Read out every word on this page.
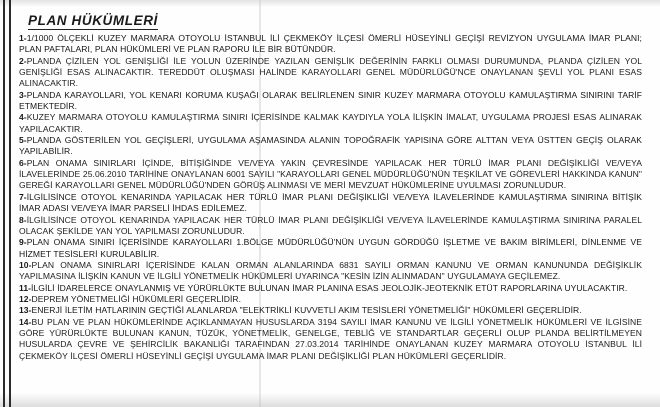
PLAN HÜKÜMLERİ

1-1/1000 ÖLÇEKLİ KUZEY MARMARA OTOYOLU İSTANBUL İLİ ÇEKMEKÖY İLÇESİ ÖMERLİ HÜSEYİNLİ GEÇİŞİ REVİZYON UYGULAMA İMAR PLANI; PLAN PAFTALARI, PLAN HÜKÜMLERİ VE PLAN RAPORU İLE BİR BÜTÜNDÜR.

2-PLANDA ÇİZİLEN YOL GENİŞLİĞİ İLE YOLUN ÜZERİNDE YAZILAN GENİŞLİK DEĞERİNİN FARKLI OLMASI DURUMUNDA, PLANDA ÇİZİLEN YOL GENİŞLİĞİ ESAS ALINACAKTIR. TEREDDÜT OLUŞMASI HALİNDE KARAYOLLARI GENEL MÜDÜRLÜĞÜ'NCE ONAYLANAN ŞEVLİ YOL PLANI ESAS ALINACAKTIR.

3-PLANDA KARAYOLLARI, YOL KENARI KORUMA KUŞAĞI OLARAK BELİRLENEN SINIR KUZEY MARMARA OTOYOLU KAMULAŞTIRMA SINIRINI TARİF ETMEKTEDİR.

4-KUZEY MARMARA OTOYOLU KAMULAŞTIRMA SINIRI İÇERİSİNDE KALMAK KAYDIYLA YOLA İLİŞKİN İMALAT, UYGULAMA PROJESİ ESAS ALINARAK YAPILACAKTIR.

5-PLANDA GÖSTERİLEN YOL GEÇİŞLERİ, UYGULAMA AŞAMASINDA ALANIN TOPOĞRAFİK YAPISINA GÖRE ALTTAN VEYA ÜSTTEN GEÇİŞ OLARAK YAPILABİLİR.

6-PLAN ONAMA SINIRLARI İÇİNDE, BİTİŞİĞİNDE VE/VEYA YAKIN ÇEVRESİNDE YAPILACAK HER TÜRLÜ İMAR PLANI DEĞİŞİKLİĞİ VE/VEYA İLAVELERİNDE 25.06.2010 TARİHİNE ONAYLANAN 6001 SAYILI "KARAYOLLARI GENEL MÜDÜRLÜĞÜ'NÜN TEŞKİLAT VE GÖREVLERİ HAKKINDA KANUN" GEREĞİ KARAYOLLARI GENEL MÜDÜRLÜĞÜ'NDEN GÖRÜŞ ALINMASI VE MERİ MEVZUAT HÜKÜMLERİNE UYULMASI ZORUNLUDUR.

7-İLGİLİSİNCE OTOYOL KENARINDA YAPILACAK HER TÜRLÜ İMAR PLANI DEĞİŞİKLİĞİ VE/VEYA İLAVELERİNDE KAMULAŞTIRMA SINIRINA BİTİŞİK İMAR ADASI VE/VEYA İMAR PARSELİ İHDAS EDİLEMEZ.

8-İLGİLİSİNCE OTOYOL KENARINDA YAPILACAK HER TÜRLÜ İMAR PLANI DEĞİŞİKLİĞİ VE/VEYA İLAVELERİNDE KAMULAŞTIRMA SINIRINA PARALEL OLACAK ŞEKİLDE YAN YOL YAPILMASI ZORUNLUDUR.

9-PLAN ONAMA SINIRI İÇERİSİNDE KARAYOLLARI 1.BÖLGE MÜDÜRLÜĞÜ'NÜN UYGUN GÖRDÜĞÜ İŞLETME VE BAKIM BİRİMLERİ, DİNLENME VE HİZMET TESİSLERİ KURULABİLİR.

10-PLAN ONAMA SINIRLARI İÇERİSİNDE KALAN ORMAN ALANLARINDA 6831 SAYILI ORMAN KANUNU VE ORMAN KANUNUNDA DEĞİŞİKLİK YAPILMASINA İLİŞKİN KANUN VE İLGİLİ YÖNETMELİK HÜKÜMLERİ UYARINCA "KESİN İZİN ALINMADAN" UYGULAMAYA GEÇİLEMEZ.

11-İLGİLİ İDARELERCE ONAYLANMIŞ VE YÜRÜRLÜKTE BULUNAN İMAR PLANINA ESAS JEOLOJİK-JEOTEKNİK ETÜT RAPORLARINA UYULACAKTIR.

12-DEPREM YÖNETMELİĞİ HÜKÜMLERİ GEÇERLİDİR.

13-ENERJİ İLETİM HATLARININ GEÇTİĞİ ALANLARDA "ELEKTRİKLİ KUVVETLİ AKIM TESİSLERİ YÖNETMELİĞİ" HÜKÜMLERİ GEÇERLİDİR.

14-BU PLAN VE PLAN HÜKÜMLERİNDE AÇIKLANMAYAN HUSUSLARDA 3194 SAYILI İMAR KANUNU VE İLGİLİ YÖNETMELİK HÜKÜMLERİ VE İLGİSİNE GÖRE YÜRÜRLÜKTE BULUNAN KANUN, TÜZÜK, YÖNETMELİK, GENELGE, TEBLİĞ VE STANDARTLAR GEÇERLİ OLUP PLANDA BELİRTİLMEYEN HUSULARDA ÇEVRE VE ŞEHİRCİLİK BAKANLIĞI TARAFINDAN 27.03.2014 TARİHİNDE ONAYLANAN KUZEY MARMARA OTOYOLU İSTANBUL İLİ ÇEKMEKÖY İLÇESİ ÖMERLİ HÜSEYİNLİ GEÇİŞİ UYGULAMA İMAR PLANI DEĞİŞİKLİĞİ PLAN HÜKÜMLERİ GEÇERLİDİR.
